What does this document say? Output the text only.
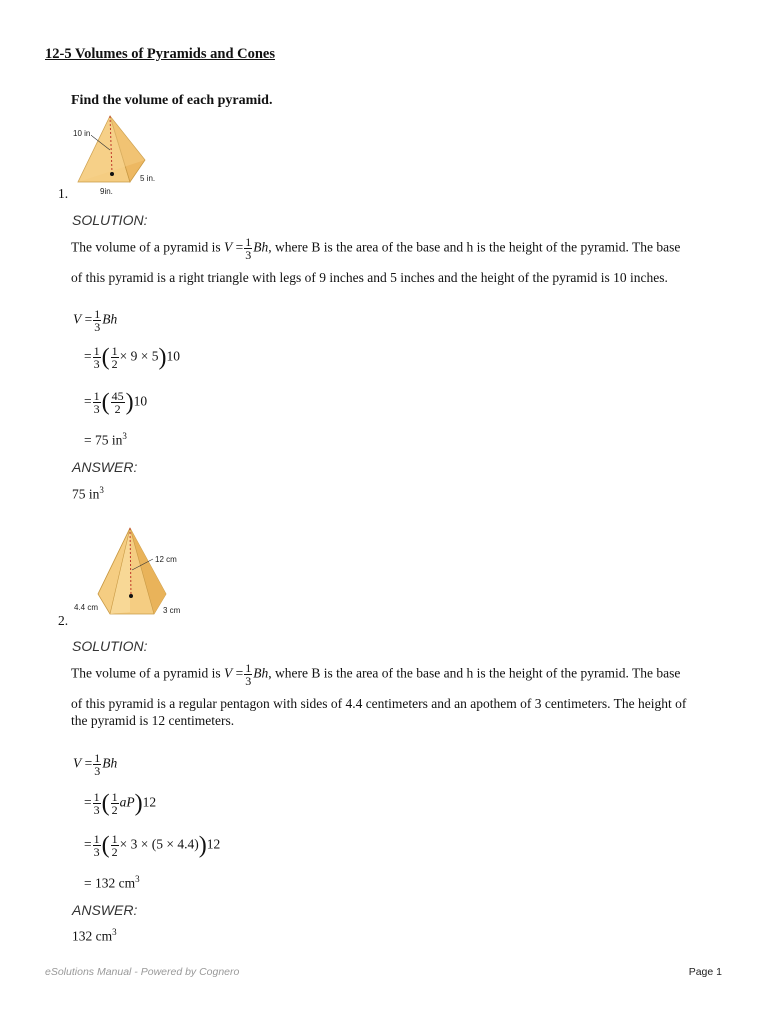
12-5 Volumes of Pyramids and Cones
Find the volume of each pyramid.
10 in.
5 in.
9in.
1.
SOLUTION:
The volume of a pyramid is $V = \frac{1}{3} Bh$, where B is the area of the base and h is the height of the pyramid. The base
of this pyramid is a right triangle with legs of 9 inches and 5 inches and the height of the pyramid is 10 inches.
$V = \frac{1}{3}$ Bh
= $\frac{1}{3}$ ( $\frac{1}{2} \times 9 \times 5)10$
= $\frac{1}{3}$ ( $\frac{45}{2} )10$
= 75 $in^3$
ANSWER:
75 $in^3$
12 cm
4.4 cm	3 cm
2.
SOLUTION:
The volume of a pyramid is $V = \frac{1}{3} Bh$, where B is the area of the base and h is the height of the pyramid. The base
of this pyramid is a regular pentagon with sides of 4.4 centimeters and an apothem of 3 centimeters. The height of
the pyramid is 12 centimeters.
$V = \frac{1}{3}$ Bh
= $\frac{1}{3}$ ( $\frac{1}{2} aP)12$
= $\frac{1}{3}$ ( $\frac{1}{2} \times 3 \times (5 \times 4.4))12$
= 132 $cm^3$
ANSWER:
132 $cm^3$
eSolutions Manual - Powered by Cognero	Page 1
